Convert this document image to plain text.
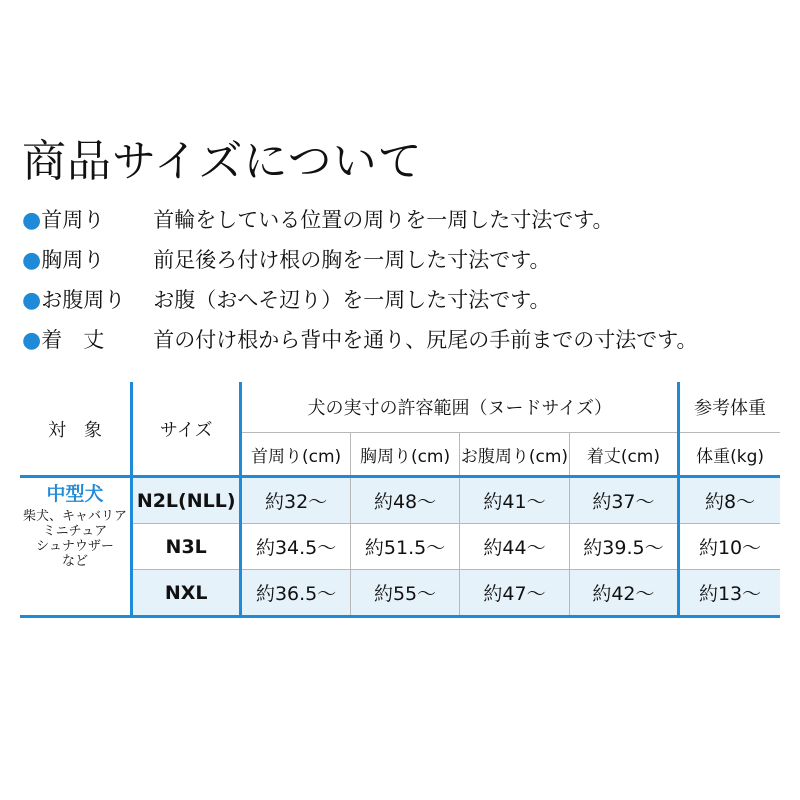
商品サイズについて
●首周り 首輪をしている位置の周りを一周した寸法です。
●胸周り 前足後ろ付け根の胸を一周した寸法です。
●お腹周り お腹（おへそ辺り）を一周した寸法です。
●着　丈 首の付け根から背中を通り、尻尾の手前までの寸法です。
対　象	サイズ	犬の実寸の許容範囲（ヌードサイズ）				参考体重
		首周り(cm)	胸周り(cm)	お腹周り(cm)	着丈(cm)	体重(kg)

中型犬
柴犬、キャバリア
ミニチュア
シュナウザー
など	N2L(NLL)	約32～	約48～	約41～	約37～	約8～
	N3L	約34.5～	約51.5～	約44～	約39.5～	約10～
	NXL	約36.5～	約55～	約47～	約42～	約13～
